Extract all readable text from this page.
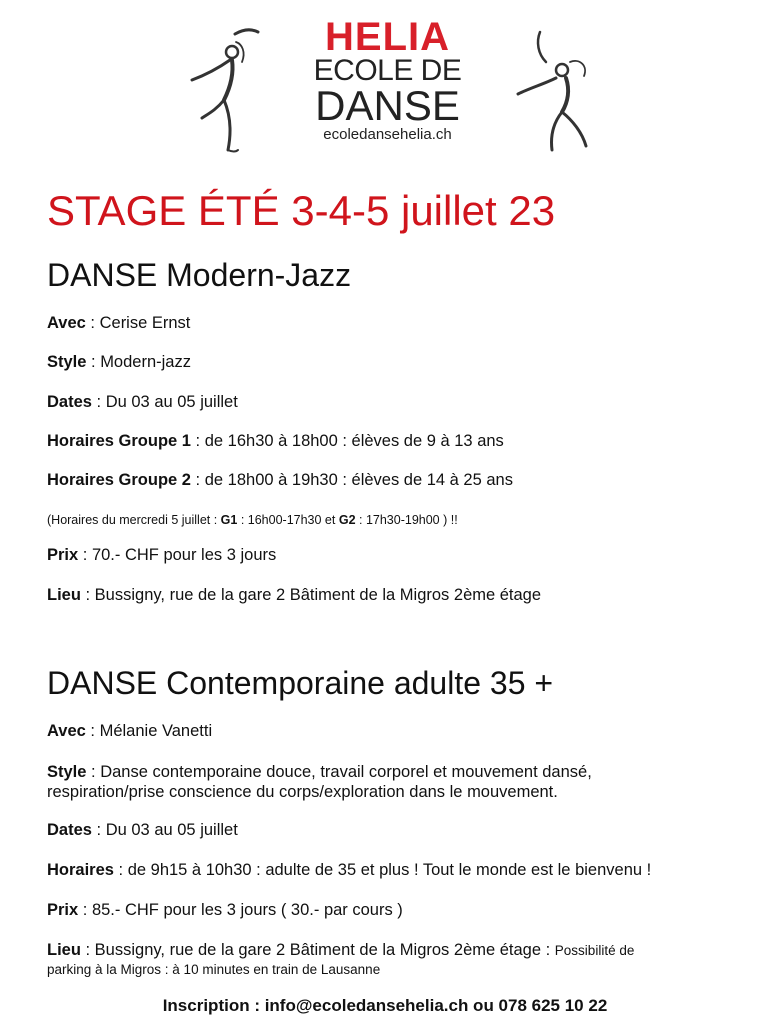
HELIA
ECOLE DE
DANSE
ecoledansehelia.ch
STAGE ÉTÉ 3-4-5 juillet 23
DANSE Modern-Jazz
Avec : Cerise Ernst
Style : Modern-jazz
Dates : Du 03 au 05 juillet
Horaires Groupe 1 : de 16h30 à 18h00 : élèves de 9 à 13 ans
Horaires Groupe 2 : de 18h00 à 19h30 : élèves de 14 à 25 ans
(Horaires du mercredi 5 juillet : G1 : 16h00-17h30 et G2 : 17h30-19h00 ) !!
Prix : 70.- CHF pour les 3 jours
Lieu : Bussigny, rue de la gare 2 Bâtiment de la Migros 2ème étage
DANSE Contemporaine adulte 35 +
Avec : Mélanie Vanetti
Style : Danse contemporaine douce, travail corporel et mouvement dansé,
respiration/prise conscience du corps/exploration dans le mouvement.
Dates : Du 03 au 05 juillet
Horaires : de 9h15 à 10h30 : adulte de 35 et plus ! Tout le monde est le bienvenu !
Prix : 85.- CHF pour les 3 jours ( 30.- par cours )
Lieu : Bussigny, rue de la gare 2 Bâtiment de la Migros 2ème étage : Possibilité de
parking à la Migros : à 10 minutes en train de Lausanne
Inscription : info@ecoledansehelia.ch ou 078 625 10 22
